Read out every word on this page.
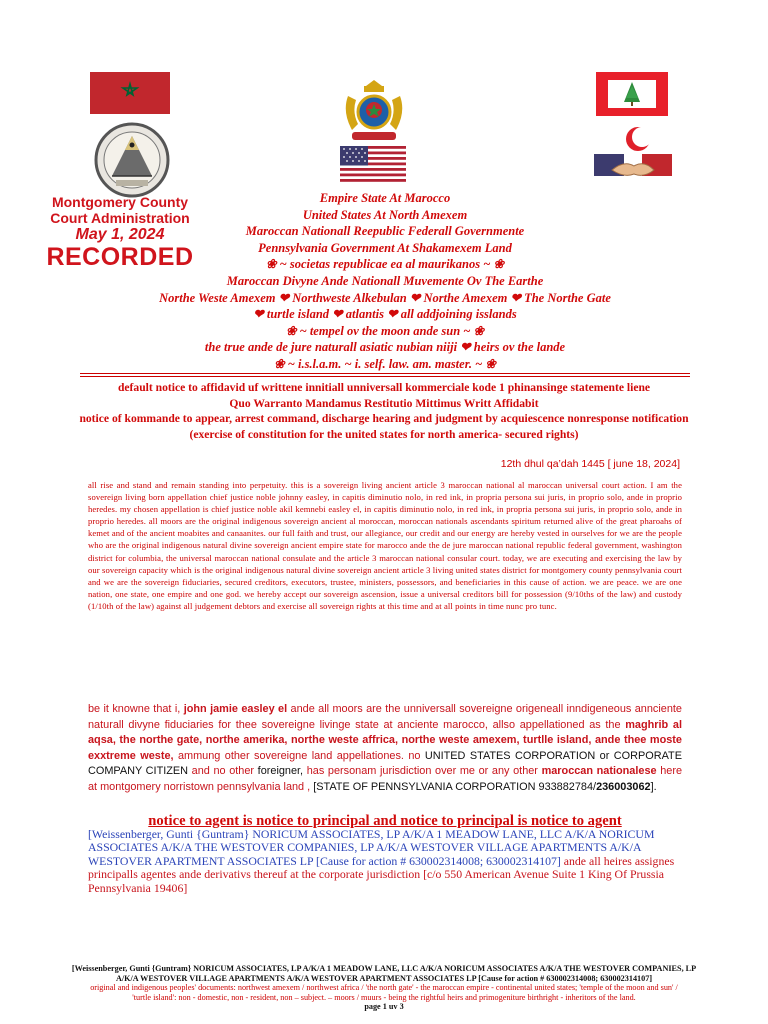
Montgomery County
Court Administration
May 1, 2024
RECORDED
Empire State At Marocco
United States At North Amexem
Maroccan Nationall Reepublic Federall Governmente
Pennsylvania Government At Shakamexem Land
❀ ~ societas republicae ea al maurikanos ~ ❀
Maroccan Divyne Ande Nationall Muvemente Ov The Earthe
Northe Weste Amexem ❤ Northweste Alkebulan ❤ Northe Amexem ❤ The Northe Gate
❤ turtle island ❤ atlantis ❤ all addjoining isslands
❀ ~ tempel ov the moon ande sun ~ ❀
the true ande de jure naturall asiatic nubian niiji ❤ heirs ov the lande
❀ ~ i.s.l.a.m. ~ i. self. law. am. master. ~ ❀
default notice to affidavid uf writtene innitiall unniversall kommerciale kode 1 phinansinge statemente liene
Quo Warranto Mandamus Restitutio Mittimus Writt Affidabit
notice of kommande to appear, arrest command, discharge hearing and judgment by acquiescence nonresponse notification
(exercise of constitution for the united states for north america- secured rights)
12th dhul qa’dah 1445 [ june 18, 2024]
all rise and stand and remain standing into perpetuity. this is a sovereign living ancient article 3 maroccan national al maroccan universal court action. I am the sovereign living born appellation chief justice noble johnny easley, in capitis diminutio nolo, in red ink, in propria persona sui juris, in proprio solo, ande in proprio heredes. my chosen appellation is chief justice noble akil kemnebi easley el, in capitis diminutio nolo, in red ink, in propria persona sui juris, in proprio solo, ande in proprio heredes. all moors are the original indigenous sovereign ancient al moroccan, moroccan nationals ascendants spiritum returned alive of the great pharoahs of kemet and of the ancient moabites and canaanites. our full faith and trust, our allegiance, our credit and our energy are hereby vested in ourselves for we are the people who are the original indigenous natural divine sovereign ancient empire state for marocco ande the de jure maroccan national republic federal government, washington district for columbia, the universal maroccan national consulate and the article 3 maroccan national consular court. today, we are executing and exercising the law by our sovereign capacity which is the original indigenous natural divine sovereign ancient article 3 living united states district for montgomery county pennsylvania court and we are the sovereign fiduciaries, secured creditors, executors, trustee, ministers, possessors, and beneficiaries in this cause of action. we are peace. we are one nation, one state, one empire and one god. we hereby accept our sovereign ascension, issue a universal creditors bill for possession (9/10ths of the law) and custody (1/10th of the law) against all judgement debtors and exercise all sovereign rights at this time and at all points in time nunc pro tunc.
be it knowne that i, john jamie easley el ande all moors are the unniversall sovereigne origeneall inndigeneous annciente naturall divyne fiduciaries for thee sovereigne livinge state at anciente marocco, allso appellationed as the maghrib al aqsa, the northe gate, northe amerika, northe weste affrica, northe weste amexem, turtlle island, ande thee moste exxtreme weste, ammung other sovereigne land appellationes. no UNITED STATES CORPORATION or CORPORATE COMPANY CITIZEN and no other foreigner, has personam jurisdiction over me or any other maroccan nationalese here at montgomery norristown pennsylvania land , [STATE OF PENNSYLVANIA CORPORATION 933882784/236003062].
notice to agent is notice to principal and notice to principal is notice to agent
[Weissenberger, Gunti {Guntram} NORICUM ASSOCIATES, LP A/K/A 1 MEADOW LANE, LLC A/K/A NORICUM ASSOCIATES A/K/A THE WESTOVER COMPANIES, LP A/K/A WESTOVER VILLAGE APARTMENTS A/K/A WESTOVER APARTMENT ASSOCIATES LP [Cause for action # 630002314008; 630002314107] ande all heires assignes principalls agentes ande derivativs thereuf at the corporate jurisdiction [c/o 550 American Avenue Suite 1 King Of Prussia Pennsylvania 19406]
[Weissenberger, Gunti {Guntram} NORICUM ASSOCIATES, LP A/K/A 1 MEADOW LANE, LLC A/K/A NORICUM ASSOCIATES A/K/A THE WESTOVER COMPANIES, LP
A/K/A WESTOVER VILLAGE APARTMENTS A/K/A WESTOVER APARTMENT ASSOCIATES LP [Cause for action # 630002314008; 630002314107]
original and indigenous peoples' documents: northwest amexem / northwest africa / 'the north gate' - the maroccan empire - continental united states; 'temple of the moon and sun' /
'turtle island': non - domestic, non - resident, non – subject. – moors / muurs - being the rightful heirs and primogeniture birthright - inheritors of the land.
page 1 uv 3
